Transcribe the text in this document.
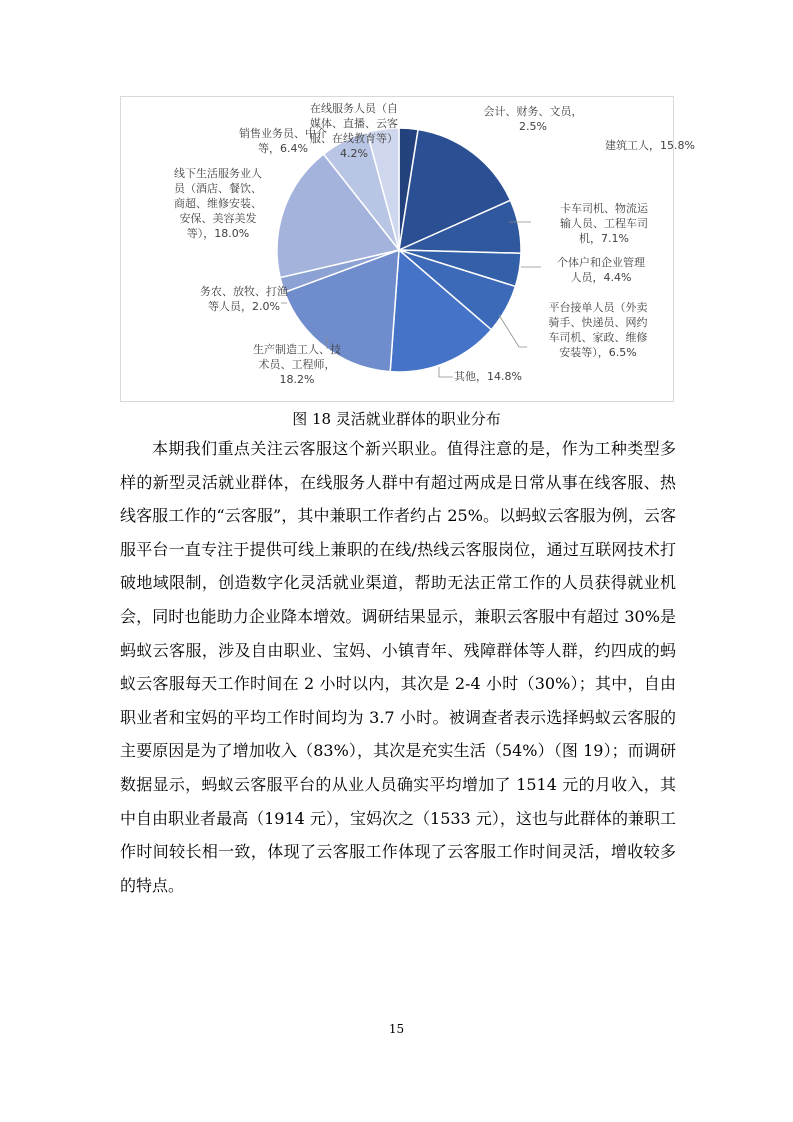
会计、财务、文员， 2.5%
建筑工人，15.8%
卡车司机、物流运输人员、工程车司机，7.1%
个体户和企业管理人员，4.4%
平台接单人员（外卖骑手、快递员、网约车司机、家政、维修安装等），6.5%
其他，14.8%
生产制造工人、技术员、工程师， 18.2%
务农、放牧、打渔等人员，2.0%
线下生活服务业人员（酒店、餐饮、商超、维修安装、安保、美容美发等），18.0%
销售业务员、中介等，6.4%
在线服务人员（自媒体、直播、云客服、在线教育等） 4.2%
图 18 灵活就业群体的职业分布

本期我们重点关注云客服这个新兴职业。值得注意的是，作为工种类型多样的新型灵活就业群体，在线服务人群中有超过两成是日常从事在线客服、热线客服工作的“云客服”，其中兼职工作者约占 25%。以蚂蚁云客服为例，云客服平台一直专注于提供可线上兼职的在线/热线云客服岗位，通过互联网技术打破地域限制，创造数字化灵活就业渠道，帮助无法正常工作的人员获得就业机会，同时也能助力企业降本增效。调研结果显示，兼职云客服中有超过 30%是蚂蚁云客服，涉及自由职业、宝妈、小镇青年、残障群体等人群，约四成的蚂蚁云客服每天工作时间在 2 小时以内，其次是 2-4 小时（30%）；其中，自由职业者和宝妈的平均工作时间均为 3.7 小时。被调查者表示选择蚂蚁云客服的主要原因是为了增加收入（83%），其次是充实生活（54%）（图 19）；而调研数据显示，蚂蚁云客服平台的从业人员确实平均增加了 1514 元的月收入，其中自由职业者最高（1914 元），宝妈次之（1533 元），这也与此群体的兼职工作时间较长相一致，体现了云客服工作体现了云客服工作时间灵活，增收较多的特点。

15
